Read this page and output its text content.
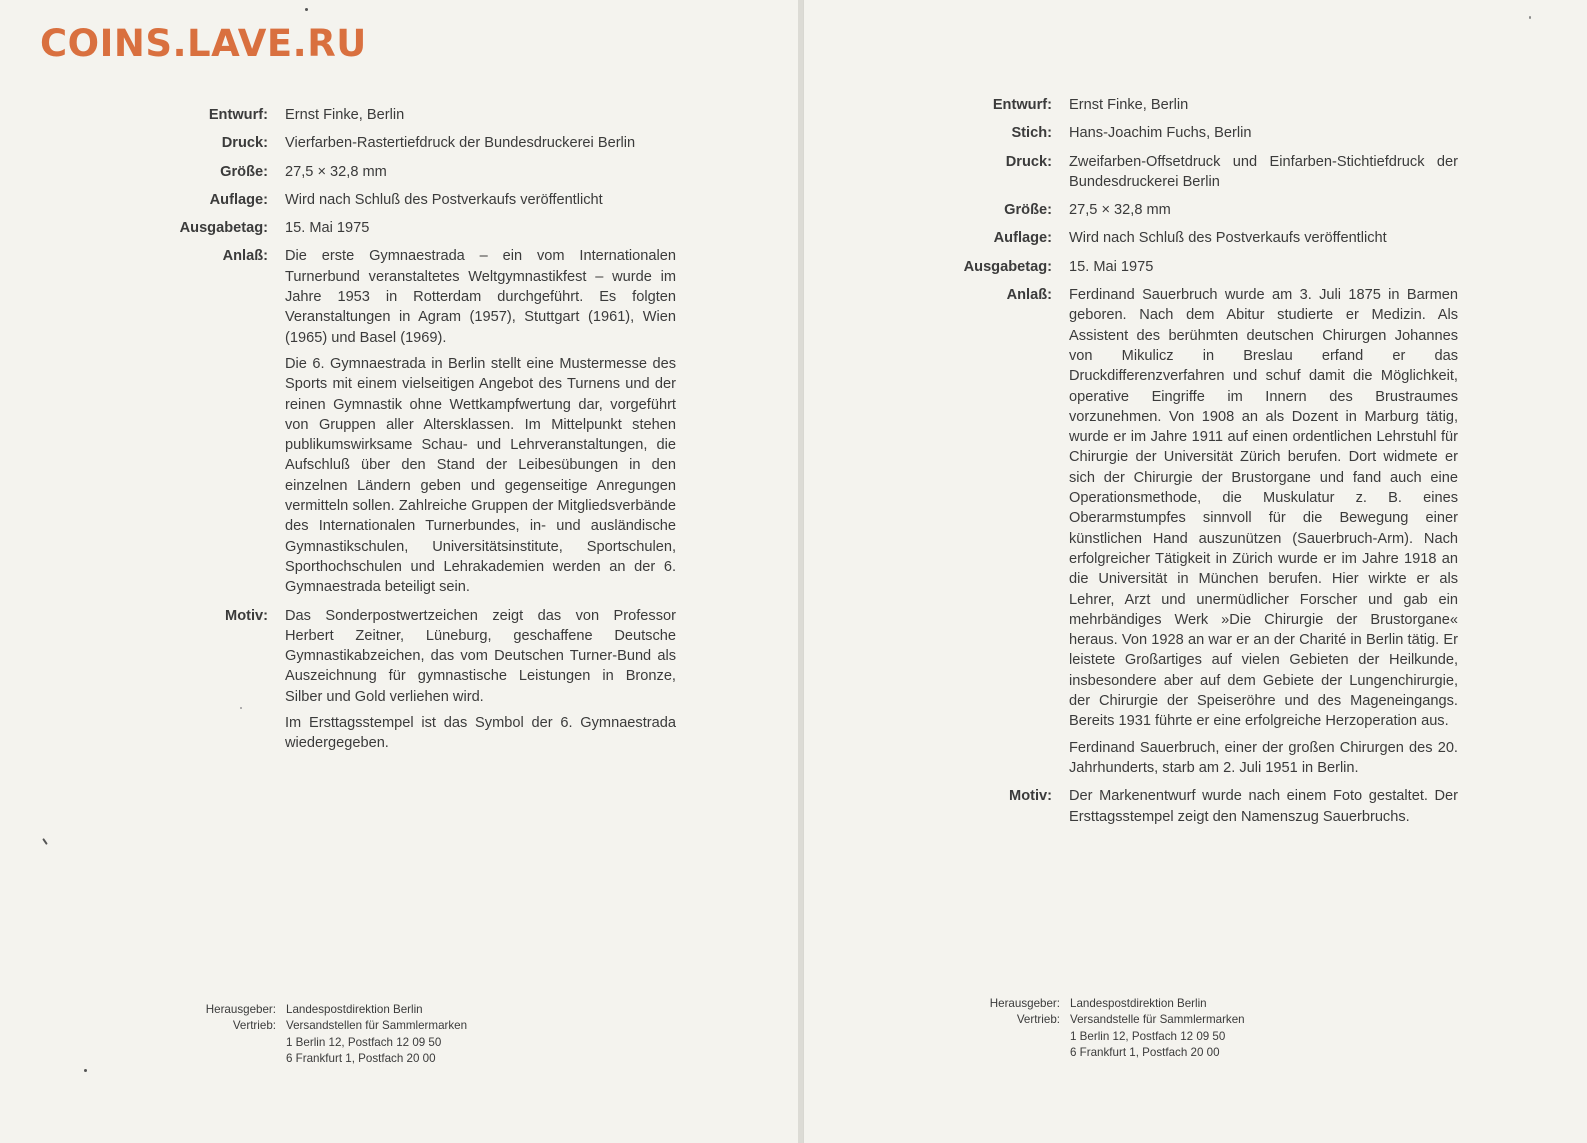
COINS.LAVE.RU
Entwurf:	Ernst Finke, Berlin

Druck:	Vierfarben-Rastertiefdruck der Bundesdruckerei Berlin

Größe:	27,5 × 32,8 mm

Auflage:	Wird nach Schluß des Postverkaufs veröffentlicht

Ausgabetag:	15. Mai 1975

Anlaß:	Die erste Gymnaestrada – ein vom Internationalen Turnerbund veranstaltetes Weltgymnastikfest – wurde im Jahre 1953 in Rotterdam durchgeführt. Es folgten Veranstaltungen in Agram (1957), Stuttgart (1961), Wien (1965) und Basel (1969).

Die 6. Gymnaestrada in Berlin stellt eine Mustermesse des Sports mit einem vielseitigen Angebot des Turnens und der reinen Gymnastik ohne Wettkampfwertung dar, vorgeführt von Gruppen aller Altersklassen. Im Mittelpunkt stehen publikumswirksame Schau- und Lehrveranstaltungen, die Aufschluß über den Stand der Leibesübungen in den einzelnen Ländern geben und gegenseitige Anregungen vermitteln sollen. Zahlreiche Gruppen der Mitgliedsverbände des Internationalen Turnerbundes, in- und ausländische Gymnastikschulen, Universitätsinstitute, Sportschulen, Sporthochschulen und Lehrakademien werden an der 6. Gymnaestrada beteiligt sein.

Motiv:	Das Sonderpostwertzeichen zeigt das von Professor Herbert Zeitner, Lüneburg, geschaffene Deutsche Gymnastikabzeichen, das vom Deutschen Turner-Bund als Auszeichnung für gymnastische Leistungen in Bronze, Silber und Gold verliehen wird.

Im Ersttagsstempel ist das Symbol der 6. Gymnaestrada wiedergegeben.

Herausgeber: Landespostdirektion Berlin
Vertrieb: Versandstellen für Sammlermarken
1 Berlin 12, Postfach 12 09 50
6 Frankfurt 1, Postfach 20 00
Entwurf:	Ernst Finke, Berlin

Stich:	Hans-Joachim Fuchs, Berlin

Druck:	Zweifarben-Offsetdruck und Einfarben-Stichtiefdruck der Bundesdruckerei Berlin

Größe:	27,5 × 32,8 mm

Auflage:	Wird nach Schluß des Postverkaufs veröffentlicht

Ausgabetag:	15. Mai 1975

Anlaß:	Ferdinand Sauerbruch wurde am 3. Juli 1875 in Barmen geboren. Nach dem Abitur studierte er Medizin. Als Assistent des berühmten deutschen Chirurgen Johannes von Mikulicz in Breslau erfand er das Druckdifferenzverfahren und schuf damit die Möglichkeit, operative Eingriffe im Innern des Brustraumes vorzunehmen. Von 1908 an als Dozent in Marburg tätig, wurde er im Jahre 1911 auf einen ordentlichen Lehrstuhl für Chirurgie der Universität Zürich berufen. Dort widmete er sich der Chirurgie der Brustorgane und fand auch eine Operationsmethode, die Muskulatur z. B. eines Oberarmstumpfes sinnvoll für die Bewegung einer künstlichen Hand auszunützen (Sauerbruch-Arm). Nach erfolgreicher Tätigkeit in Zürich wurde er im Jahre 1918 an die Universität in München berufen. Hier wirkte er als Lehrer, Arzt und unermüdlicher Forscher und gab ein mehrbändiges Werk »Die Chirurgie der Brustorgane« heraus. Von 1928 an war er an der Charité in Berlin tätig. Er leistete Großartiges auf vielen Gebieten der Heilkunde, insbesondere aber auf dem Gebiete der Lungenchirurgie, der Chirurgie der Speiseröhre und des Mageneingangs. Bereits 1931 führte er eine erfolgreiche Herzoperation aus.

Ferdinand Sauerbruch, einer der großen Chirurgen des 20. Jahrhunderts, starb am 2. Juli 1951 in Berlin.

Motiv:	Der Markenentwurf wurde nach einem Foto gestaltet. Der Ersttagsstempel zeigt den Namenszug Sauerbruchs.

Herausgeber: Landespostdirektion Berlin
Vertrieb: Versandstelle für Sammlermarken
1 Berlin 12, Postfach 12 09 50
6 Frankfurt 1, Postfach 20 00
